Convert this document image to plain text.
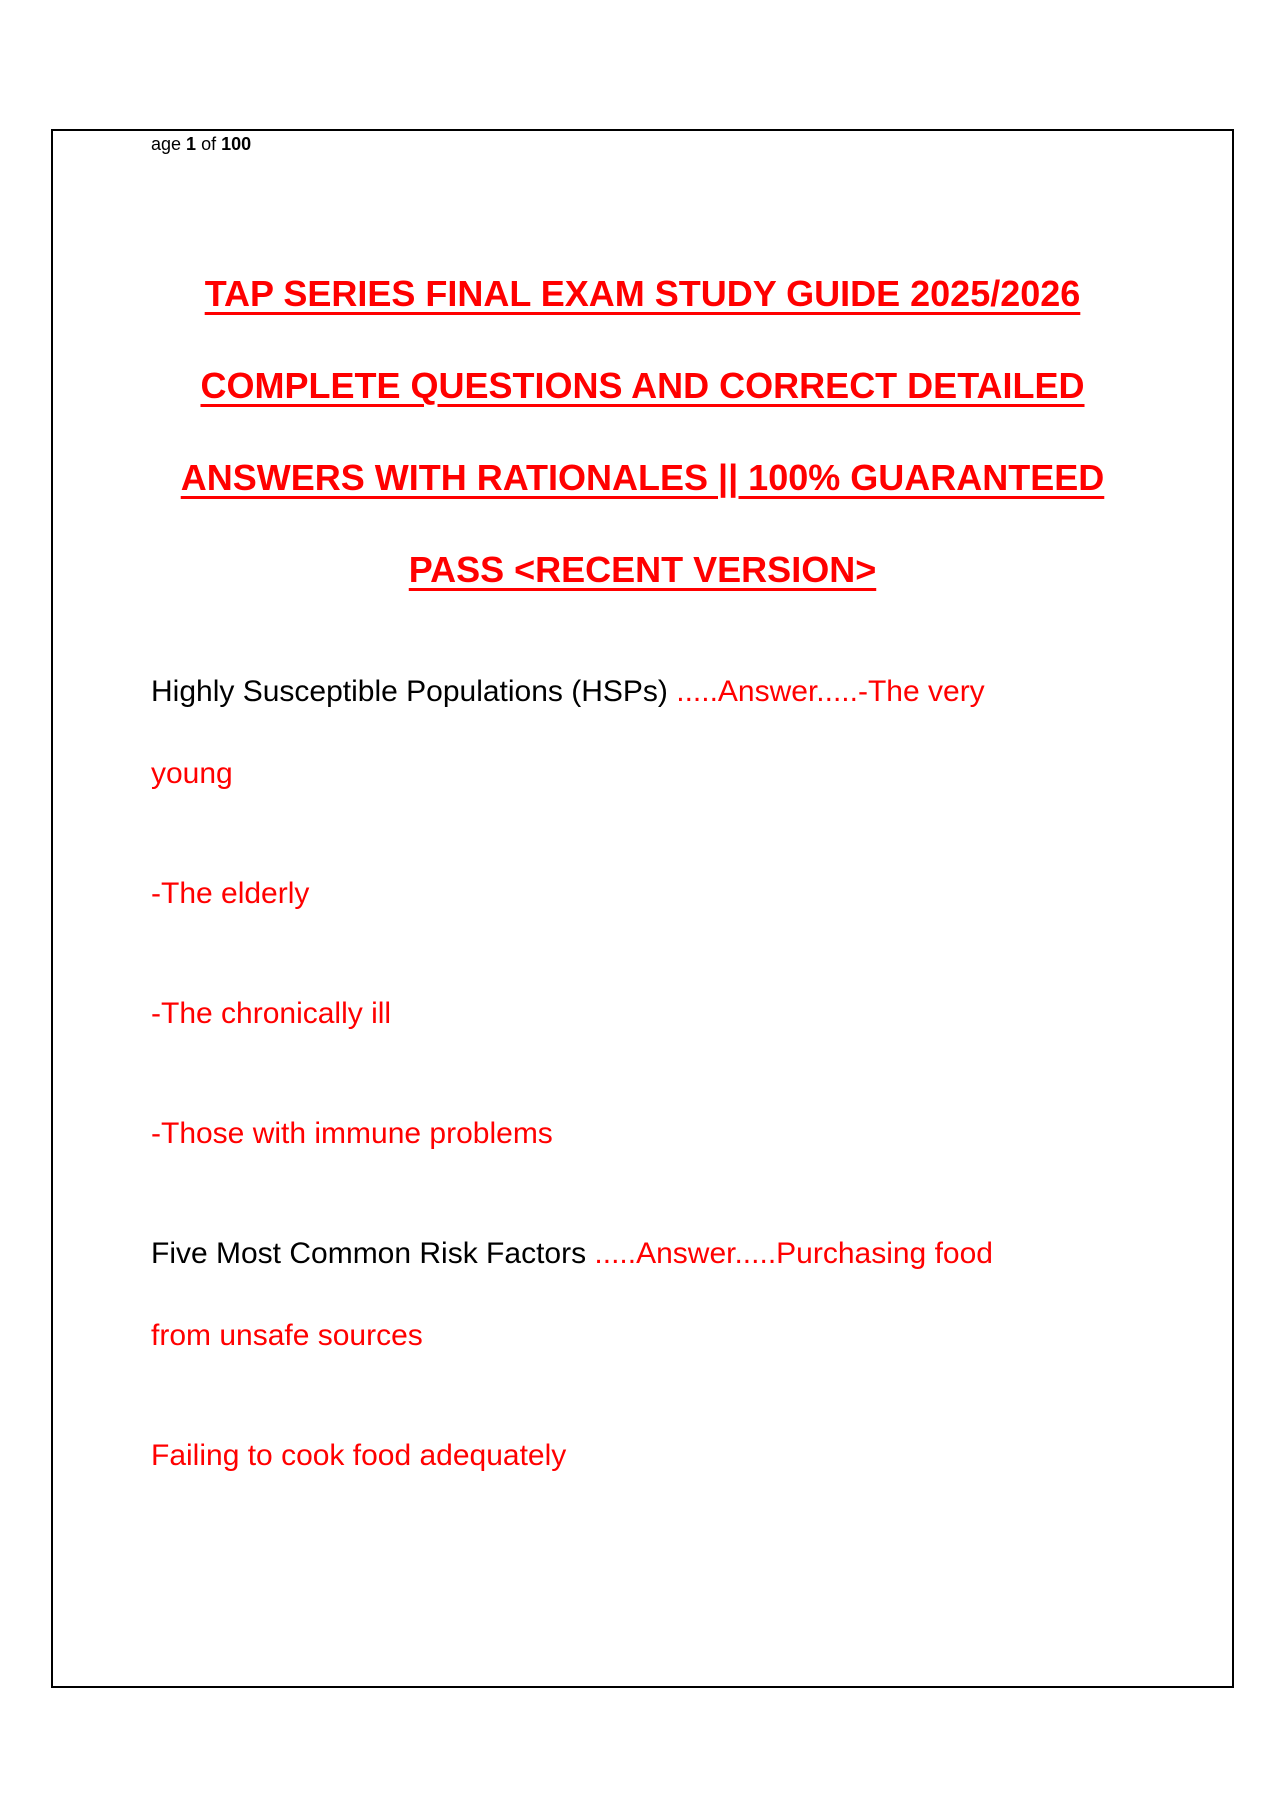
age 1 of 100
TAP SERIES FINAL EXAM STUDY GUIDE 2025/2026
COMPLETE QUESTIONS AND CORRECT DETAILED
ANSWERS WITH RATIONALES || 100% GUARANTEED
PASS <RECENT VERSION>
Highly Susceptible Populations (HSPs) .....Answer.....-The very
young
-The elderly
-The chronically ill
-Those with immune problems
Five Most Common Risk Factors .....Answer.....Purchasing food
from unsafe sources
Failing to cook food adequately
